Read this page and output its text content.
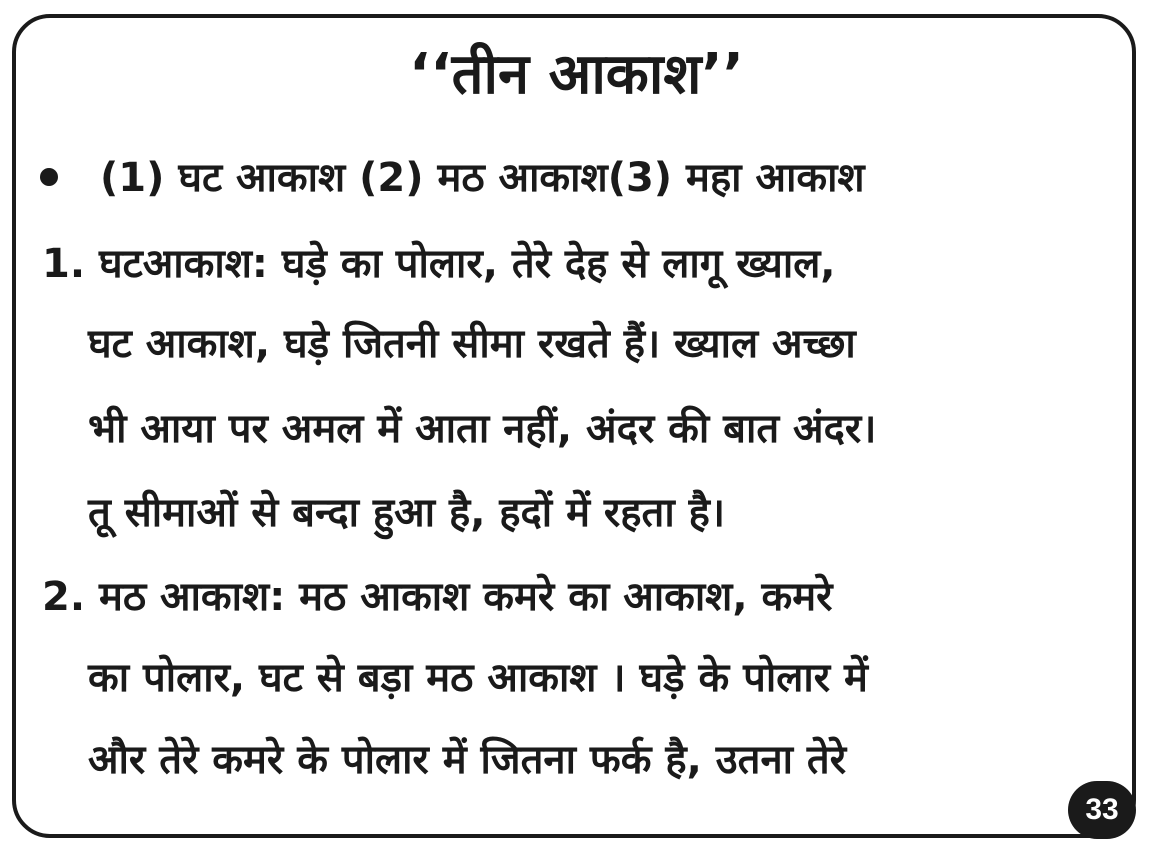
‘‘तीन आकाश’’
(1) घट आकाश (2) मठ आकाश(3) महा आकाश
1. घटआकाश: घड़े का पोलार, तेरे देह से लागू ख्याल,
घट आकाश, घड़े जितनी सीमा रखते हैं। ख्याल अच्छा
भी आया पर अमल में आता नहीं, अंदर की बात अंदर।
तू सीमाओं से बन्दा हुआ है, हदों में रहता है।
2. मठ आकाश: मठ आकाश कमरे का आकाश, कमरे
का पोलार, घट से बड़ा मठ आकाश । घड़े के पोलार में
और तेरे कमरे के पोलार में जितना फर्क है, उतना तेरे
33
